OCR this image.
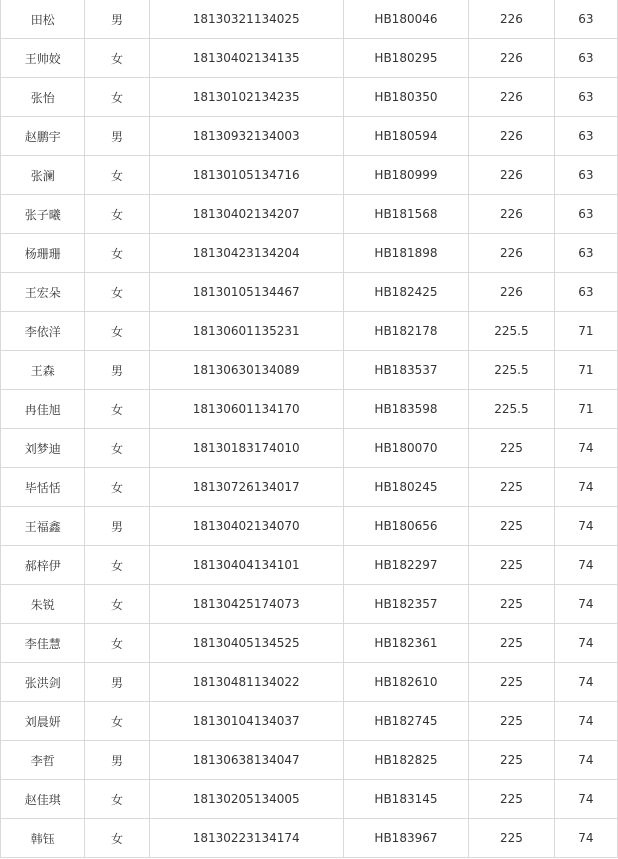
田松	男	18130321134025	HB180046	226	63
王帅姣	女	18130402134135	HB180295	226	63
张怡	女	18130102134235	HB180350	226	63
赵鹏宇	男	18130932134003	HB180594	226	63
张澜	女	18130105134716	HB180999	226	63
张子曦	女	18130402134207	HB181568	226	63
杨珊珊	女	18130423134204	HB181898	226	63
王宏朵	女	18130105134467	HB182425	226	63
李依洋	女	18130601135231	HB182178	225.5	71
王森	男	18130630134089	HB183537	225.5	71
冉佳旭	女	18130601134170	HB183598	225.5	71
刘梦迪	女	18130183174010	HB180070	225	74
毕恬恬	女	18130726134017	HB180245	225	74
王福鑫	男	18130402134070	HB180656	225	74
郝梓伊	女	18130404134101	HB182297	225	74
朱锐	女	18130425174073	HB182357	225	74
李佳慧	女	18130405134525	HB182361	225	74
张洪剑	男	18130481134022	HB182610	225	74
刘晨妍	女	18130104134037	HB182745	225	74
李哲	男	18130638134047	HB182825	225	74
赵佳琪	女	18130205134005	HB183145	225	74
韩钰	女	18130223134174	HB183967	225	74
